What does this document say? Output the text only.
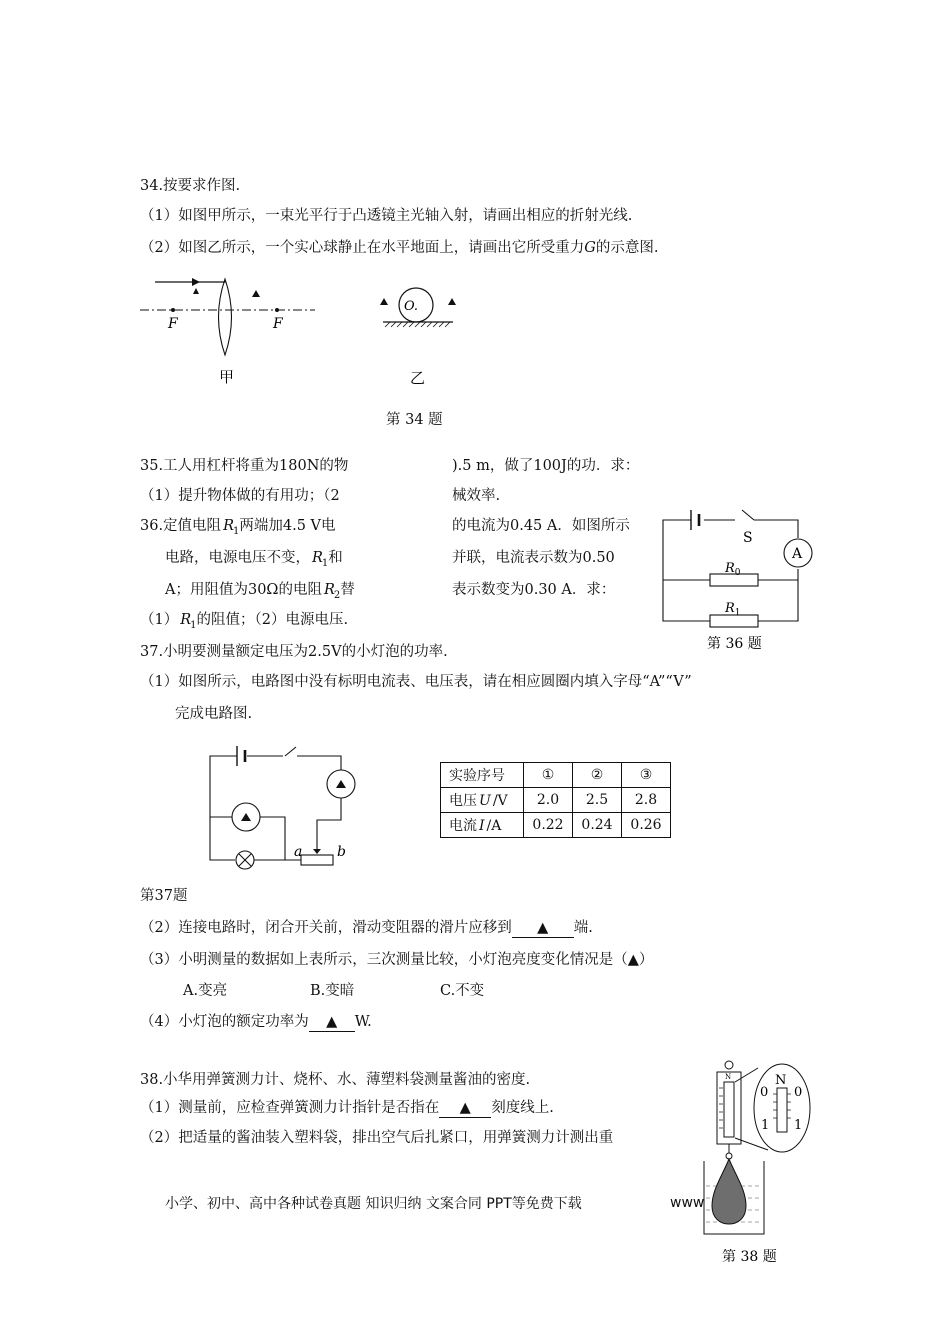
34.按要求作图.
（1）如图甲所示，一束光平行于凸透镜主光轴入射，请画出相应的折射光线.
（2）如图乙所示，一个实心球静止在水平地面上，请画出它所受重力G的示意图.
F	F
甲
O.
乙
第 34 题
35.工人用杠杆将重为180N的物	).5 m，做了100J的功．求：
（1）提升物体做的有用功；（2	械效率.
36.定值电阻 $R_1$两端加4.5 V电	的电流为0.45 A．如图所示
电路，电源电压不变， $R_1$和	并联，电流表示数为0.50
A；用阻值为30Ω的电阻 $R_2$替	表示数变为0.30 A．求：
（1） $R_1$的阻值；（2）电源电压.
S
A
$R_0$
$R_1$
第 36 题
37.小明要测量额定电压为2.5V的小灯泡的功率.
（1）如图所示，电路图中没有标明电流表、电压表，请在相应圆圈内填入字母“A”“V”
完成电路图.
a b
实验序号	①	②	③
电压 U /V	2.0	2.5	2.8
电流 I /A	0.22	0.24	0.26
第37题
（2）连接电路时，闭合开关前，滑动变阻器的滑片应移到 ▲ 端.
（3）小明测量的数据如上表所示，三次测量比较，小灯泡亮度变化情况是（▲）
A.变亮	B.变暗	C.不变
（4）小灯泡的额定功率为 ▲ W.
38.小华用弹簧测力计、烧杯、水、薄塑料袋测量酱油的密度.
（1）测量前，应检查弹簧测力计指针是否指在 ▲ 刻度线上.
（2）把适量的酱油装入塑料袋，排出空气后扎紧口，用弹簧测力计测出重
N	N
0 0
1 1
第 38 题
小学、初中、高中各种试卷真题 知识归纳 文案合同 PPT等免费下载	www
